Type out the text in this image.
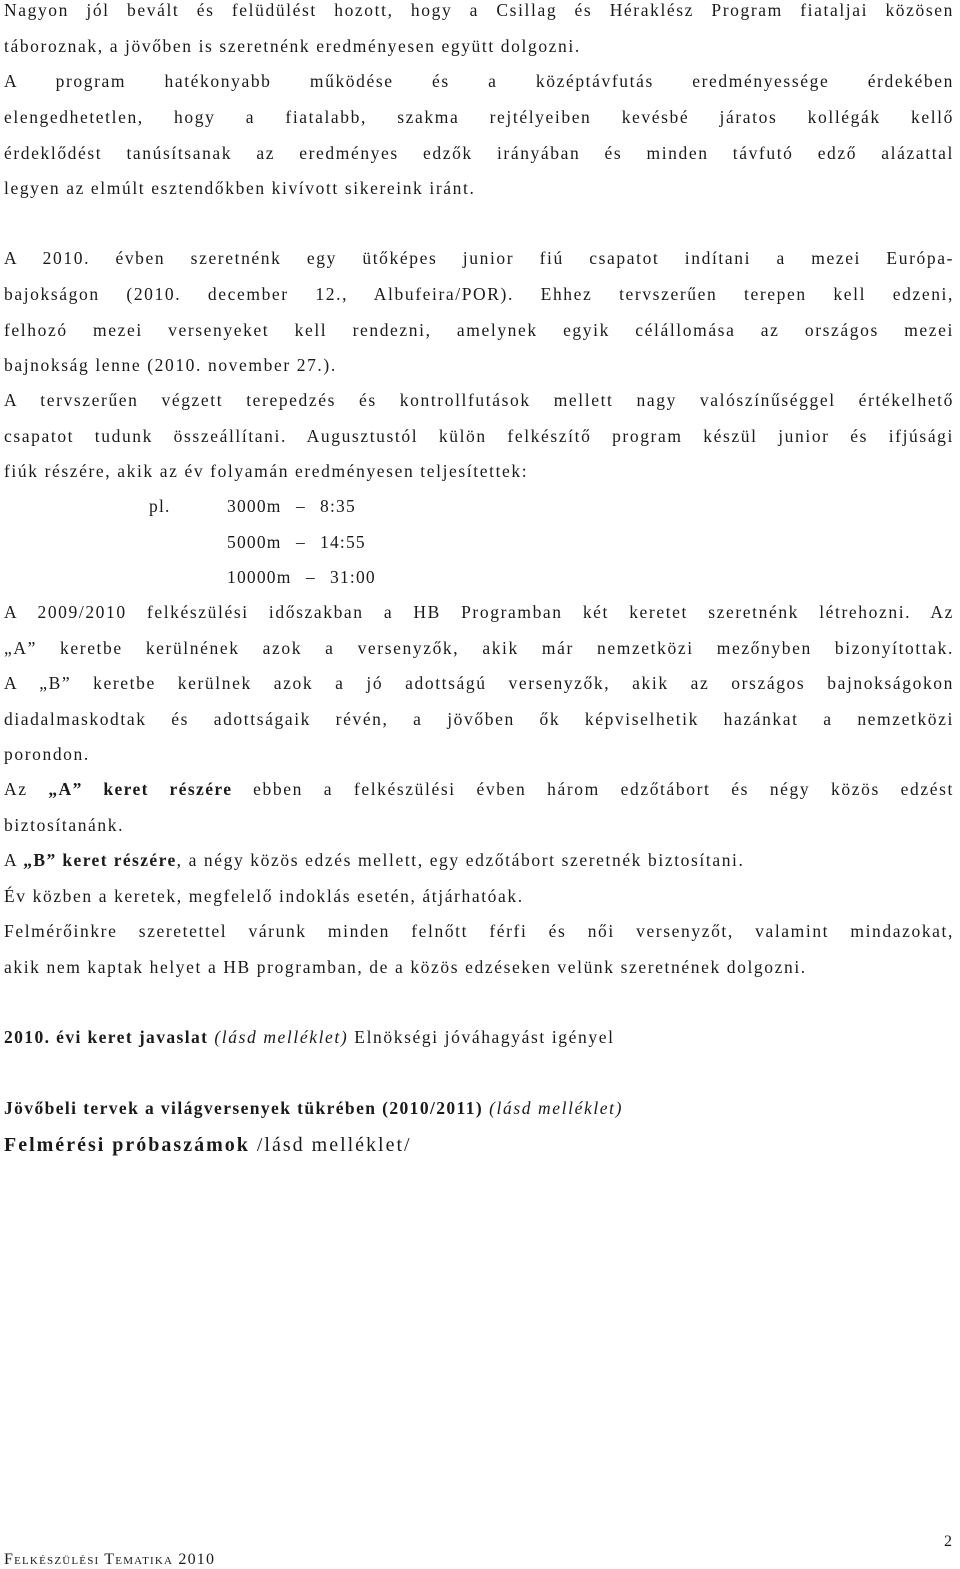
Nagyon jól bevált és felüdülést hozott, hogy a Csillag és Héraklész Program fiataljai közösen
táboroznak, a jövőben is szeretnénk eredményesen együtt dolgozni.
A program hatékonyabb működése és a középtávfutás eredményessége érdekében
elengedhetetlen, hogy a fiatalabb, szakma rejtélyeiben kevésbé járatos kollégák kellő
érdeklődést tanúsítsanak az eredményes edzők irányában és minden távfutó edző alázattal
legyen az elmúlt esztendőkben kivívott sikereink iránt.
A 2010. évben szeretnénk egy ütőképes junior fiú csapatot indítani a mezei Európa-
bajokságon (2010. december 12., Albufeira/POR). Ehhez tervszerűen terepen kell edzeni,
felhozó mezei versenyeket kell rendezni, amelynek egyik célállomása az országos mezei
bajnokság lenne (2010. november 27.).
A tervszerűen végzett terepedzés és kontrollfutások mellett nagy valószínűséggel értékelhető
csapatot tudunk összeállítani. Augusztustól külön felkészítő program készül junior és ifjúsági
fiúk részére, akik az év folyamán eredményesen teljesítettek:
pl.	3000m – 8:35
5000m – 14:55
10000m – 31:00
A 2009/2010 felkészülési időszakban a HB Programban két keretet szeretnénk létrehozni. Az
„A” keretbe kerülnének azok a versenyzők, akik már nemzetközi mezőnyben bizonyítottak.
A „B” keretbe kerülnek azok a jó adottságú versenyzők, akik az országos bajnokságokon
diadalmaskodtak és adottságaik révén, a jövőben ők képviselhetik hazánkat a nemzetközi
porondon.
Az „A” keret részére ebben a felkészülési évben három edzőtábort és négy közös edzést
biztosítanánk.
A „B” keret részére, a négy közös edzés mellett, egy edzőtábort szeretnék biztosítani.
Év közben a keretek, megfelelő indoklás esetén, átjárhatóak.
Felmérőinkre szeretettel várunk minden felnőtt férfi és női versenyzőt, valamint mindazokat,
akik nem kaptak helyet a HB programban, de a közös edzéseken velünk szeretnének dolgozni.
2010. évi keret javaslat (lásd melléklet) Elnökségi jóváhagyást igényel
Jövőbeli tervek a világversenyek tükrében (2010/2011) (lásd melléklet)
Felmérési próbaszámok /lásd melléklet/
2
Felkészülési Tematika 2010
